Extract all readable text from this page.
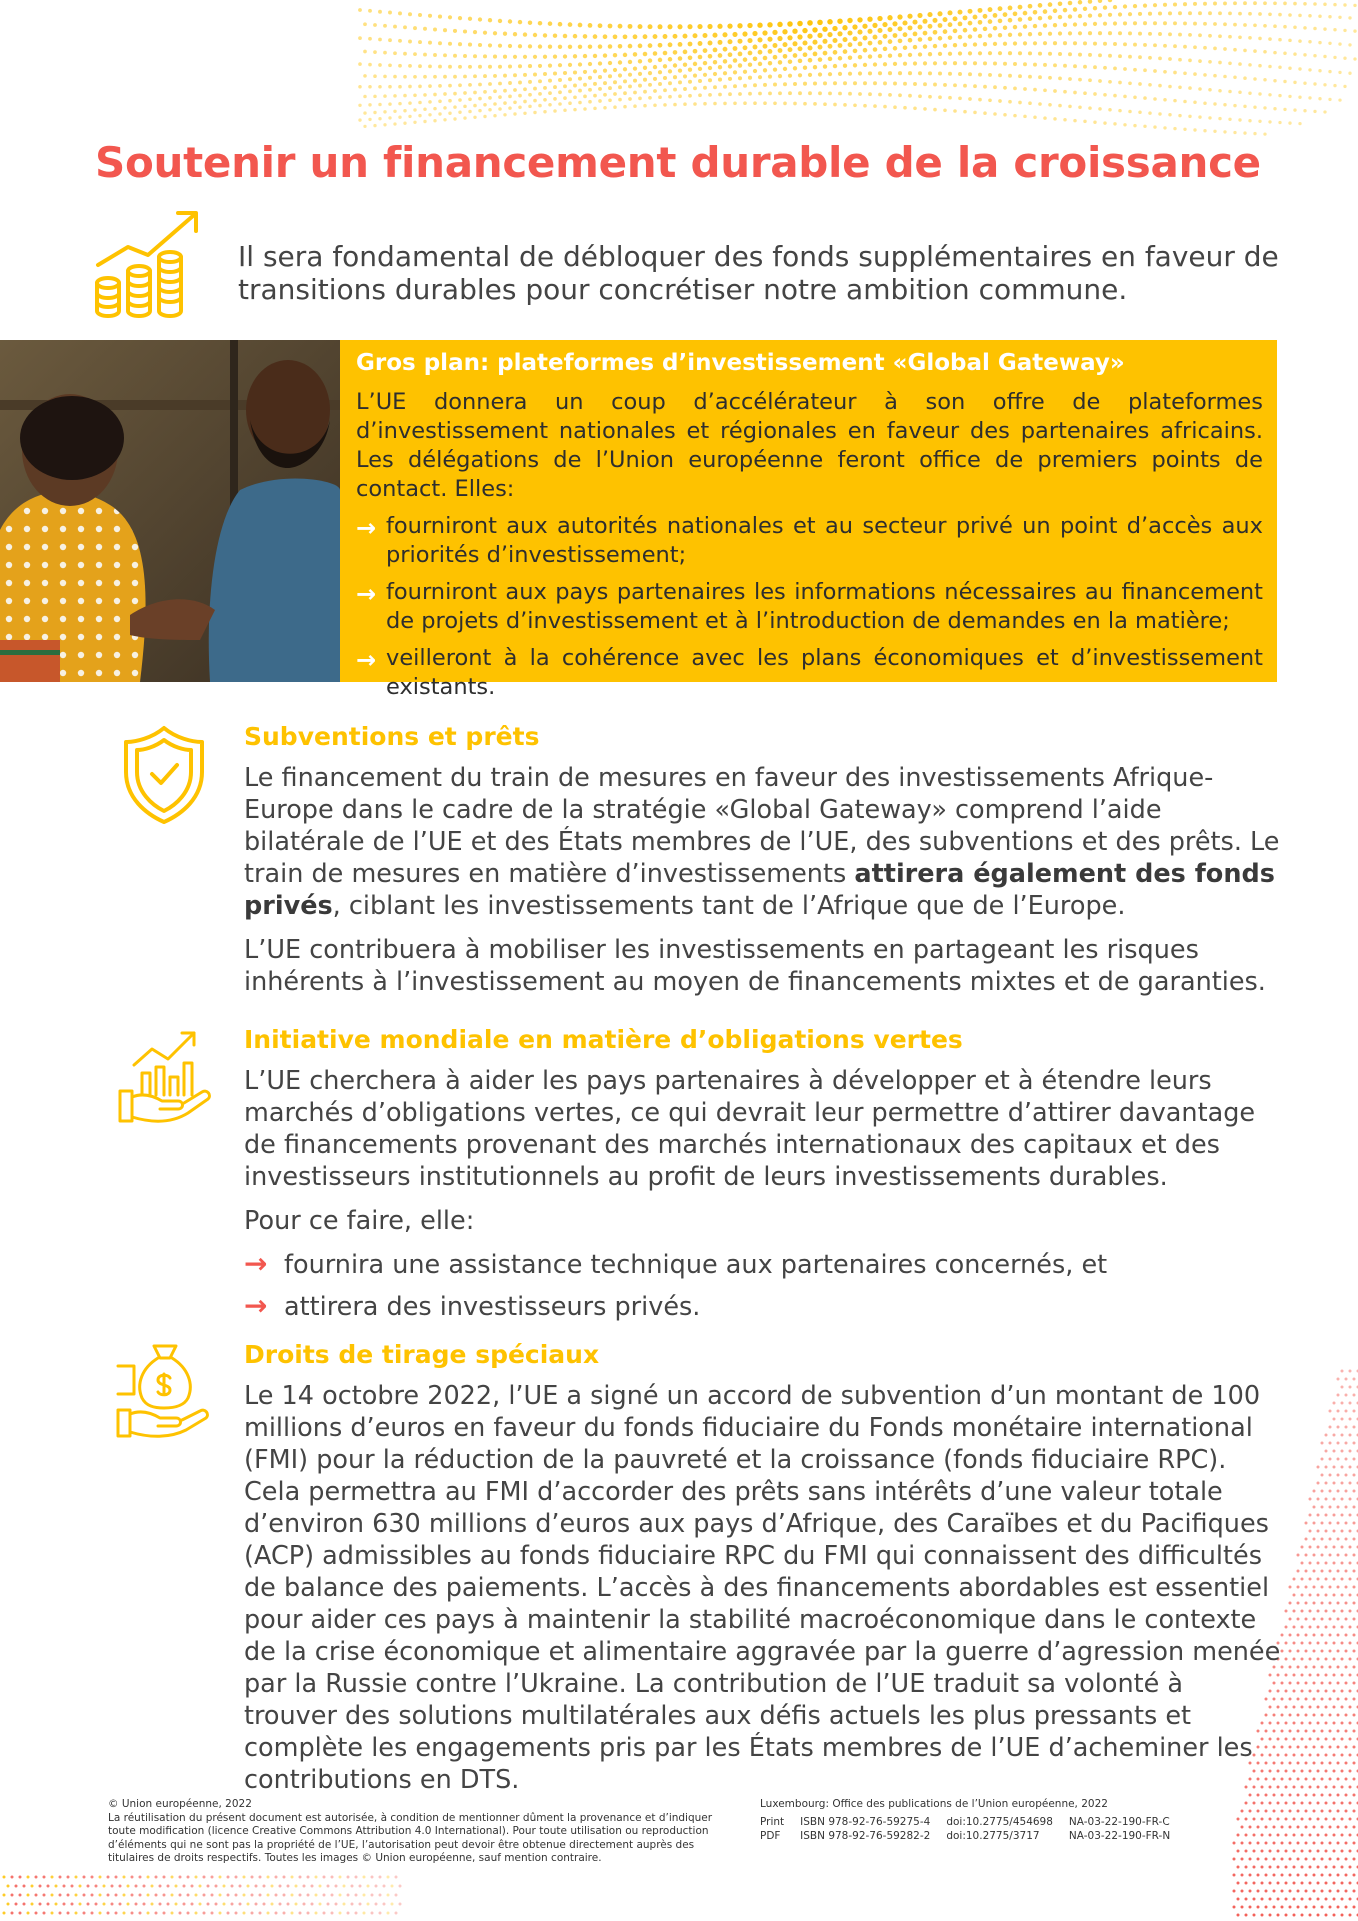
Soutenir un financement durable de la croissance
Il sera fondamental de débloquer des fonds supplémentaires en faveur de transitions durables pour concrétiser notre ambition commune.
Gros plan: plateformes d’investissement «Global Gateway»
L’UE donnera un coup d’accélérateur à son offre de plateformes d’investissement nationales et régionales en faveur des partenaires africains. Les délégations de l’Union européenne feront office de premiers points de contact. Elles:
→ fourniront aux autorités nationales et au secteur privé un point d’accès aux priorités d’investissement;
→ fourniront aux pays partenaires les informations nécessaires au financement de projets d’investissement et à l’introduction de demandes en la matière;
→ veilleront à la cohérence avec les plans économiques et d’investissement existants.
Subventions et prêts

Le financement du train de mesures en faveur des investissements Afrique-Europe dans le cadre de la stratégie «Global Gateway» comprend l’aide bilatérale de l’UE et des États membres de l’UE, des subventions et des prêts. Le train de mesures en matière d’investissements attirera également des fonds privés, ciblant les investissements tant de l’Afrique que de l’Europe.

L’UE contribuera à mobiliser les investissements en partageant les risques inhérents à l’investissement au moyen de financements mixtes et de garanties.

Initiative mondiale en matière d’obligations vertes

L’UE cherchera à aider les pays partenaires à développer et à étendre leurs marchés d’obligations vertes, ce qui devrait leur permettre d’attirer davantage de financements provenant des marchés internationaux des capitaux et des investisseurs institutionnels au profit de leurs investissements durables.

Pour ce faire, elle:

→ fournira une assistance technique aux partenaires concernés, et
→ attirera des investisseurs privés.
Droits de tirage spéciaux

Le 14 octobre 2022, l’UE a signé un accord de subvention d’un montant de 100 millions d’euros en faveur du fonds fiduciaire du Fonds monétaire international (FMI) pour la réduction de la pauvreté et la croissance (fonds fiduciaire RPC). Cela permettra au FMI d’accorder des prêts sans intérêts d’une valeur totale d’environ 630 millions d’euros aux pays d’Afrique, des Caraïbes et du Pacifiques (ACP) admissibles au fonds fiduciaire RPC du FMI qui connaissent des difficultés de balance des paiements. L’accès à des financements abordables est essentiel pour aider ces pays à maintenir la stabilité macroéconomique dans le contexte de la crise économique et alimentaire aggravée par la guerre d’agression menée par la Russie contre l’Ukraine. La contribution de l’UE traduit sa volonté à trouver des solutions multilatérales aux défis actuels les plus pressants et complète les engagements pris par les États membres de l’UE d’acheminer les contributions en DTS.

© Union européenne, 2022
La réutilisation du présent document est autorisée, à condition de mentionner dûment la provenance et d’indiquer toute modification (licence Creative Commons Attribution 4.0 International). Pour toute utilisation ou reproduction d’éléments qui ne sont pas la propriété de l’UE, l’autorisation peut devoir être obtenue directement auprès des titulaires de droits respectifs. Toutes les images © Union européenne, sauf mention contraire.
Luxembourg: Office des publications de l’Union européenne, 2022
Print	ISBN 978-92-76-59275-4	doi:10.2775/454698	NA-03-22-190-FR-C
PDF	ISBN 978-92-76-59282-2	doi:10.2775/3717	NA-03-22-190-FR-N
